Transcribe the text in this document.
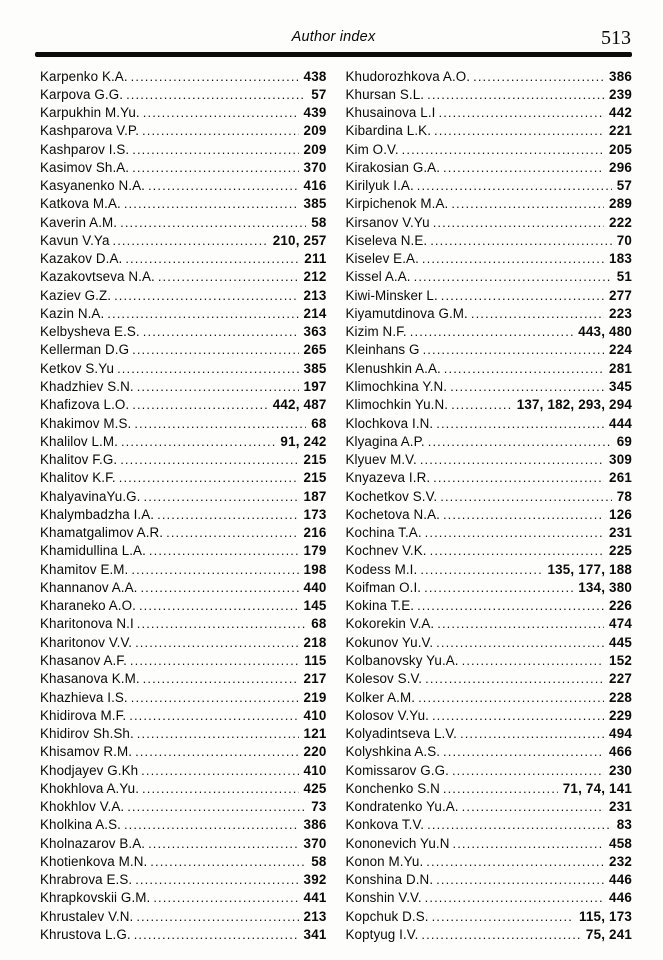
Author index	513
Karpenko K.A. .....	438
Karpova G.G. .....	57
Karpukhin M.Yu. .....	439
Kashparova V.P. .....	209
Kashparov I.S. .....	209
Kasimov Sh.A. .....	370
Kasyanenko N.A. .....	416
Katkova M.A. .....	385
Kaverin A.M. .....	58
Kavun V.Ya .....	210, 257
Kazakov D.A. .....	211
Kazakovtseva N.A. .....	212
Kaziev G.Z. .....	213
Kazin N.A. .....	214
Kelbysheva E.S. .....	363
Kellerman D.G .....	265
Ketkov S.Yu .....	385
Khadzhiev S.N. .....	197
Khafizova L.O. .....	442, 487
Khakimov M.S. .....	68
Khalilov L.M. .....	91, 242
Khalitov F.G. .....	215
Khalitov K.F. .....	215
KhalyavinaYu.G. .....	187
Khalymbadzha I.A. .....	173
Khamatgalimov A.R. .....	216
Khamidullina L.A. .....	179
Khamitov E.M. .....	198
Khannanov A.A. .....	440
Kharaneko A.O. .....	145
Kharitonova N.I .....	68
Kharitonov V.V. .....	218
Khasanov A.F. .....	115
Khasanova K.M. .....	217
Khazhieva I.S. .....	219
Khidirova M.F. .....	410
Khidirov Sh.Sh. .....	121
Khisamov R.M. .....	220
Khodjayev G.Kh .....	410
Khokhlova A.Yu. .....	425
Khokhlov V.A. .....	73
Kholkina A.S. .....	386
Kholnazarov B.A. .....	370
Khotienkova M.N. .....	58
Khrabrova E.S. .....	392
Khrapkovskii G.M. .....	441
Khrustalev V.N. .....	213
Khrustova L.G. .....	341
Khudorozhkova A.O. .....	386
Khursan S.L. .....	239
Khusainova L.I .....	442
Kibardina L.K. .....	221
Kim O.V. .....	205
Kirakosian G.A. .....	296
Kirilyuk I.A. .....	57
Kirpichenok M.A. .....	289
Kirsanov V.Yu .....	222
Kiseleva N.E. .....	70
Kiselev E.A. .....	183
Kissel A.A. .....	51
Kiwi-Minsker L. .....	277
Kiyamutdinova G.M. .....	223
Kizim N.F. .....	443, 480
Kleinhans G .....	224
Klenushkin A.A. .....	281
Klimochkina Y.N. .....	345
Klimochkin Yu.N. .....	137, 182, 293, 294
Klochkova I.N. .....	444
Klyagina A.P. .....	69
Klyuev M.V. .....	309
Knyazeva I.R. .....	261
Kochetkov S.V. .....	78
Kochetova N.A. .....	126
Kochina T.A. .....	231
Kochnev V.K. .....	225
Kodess M.I. .....	135, 177, 188
Koifman O.I. .....	134, 380
Kokina T.E. .....	226
Kokorekin V.A. .....	474
Kokunov Yu.V. .....	445
Kolbanovsky Yu.A. .....	152
Kolesov S.V. .....	227
Kolker A.M. .....	228
Kolosov V.Yu. .....	229
Kolyadintseva L.V. .....	494
Kolyshkina A.S. .....	466
Komissarov G.G. .....	230
Konchenko S.N .....	71, 74, 141
Kondratenko Yu.A. .....	231
Konkova T.V. .....	83
Kononevich Yu.N .....	458
Konon M.Yu. .....	232
Konshina D.N. .....	446
Konshin V.V. .....	446
Kopchuk D.S. .....	115, 173
Koptyug I.V. .....	75, 241
